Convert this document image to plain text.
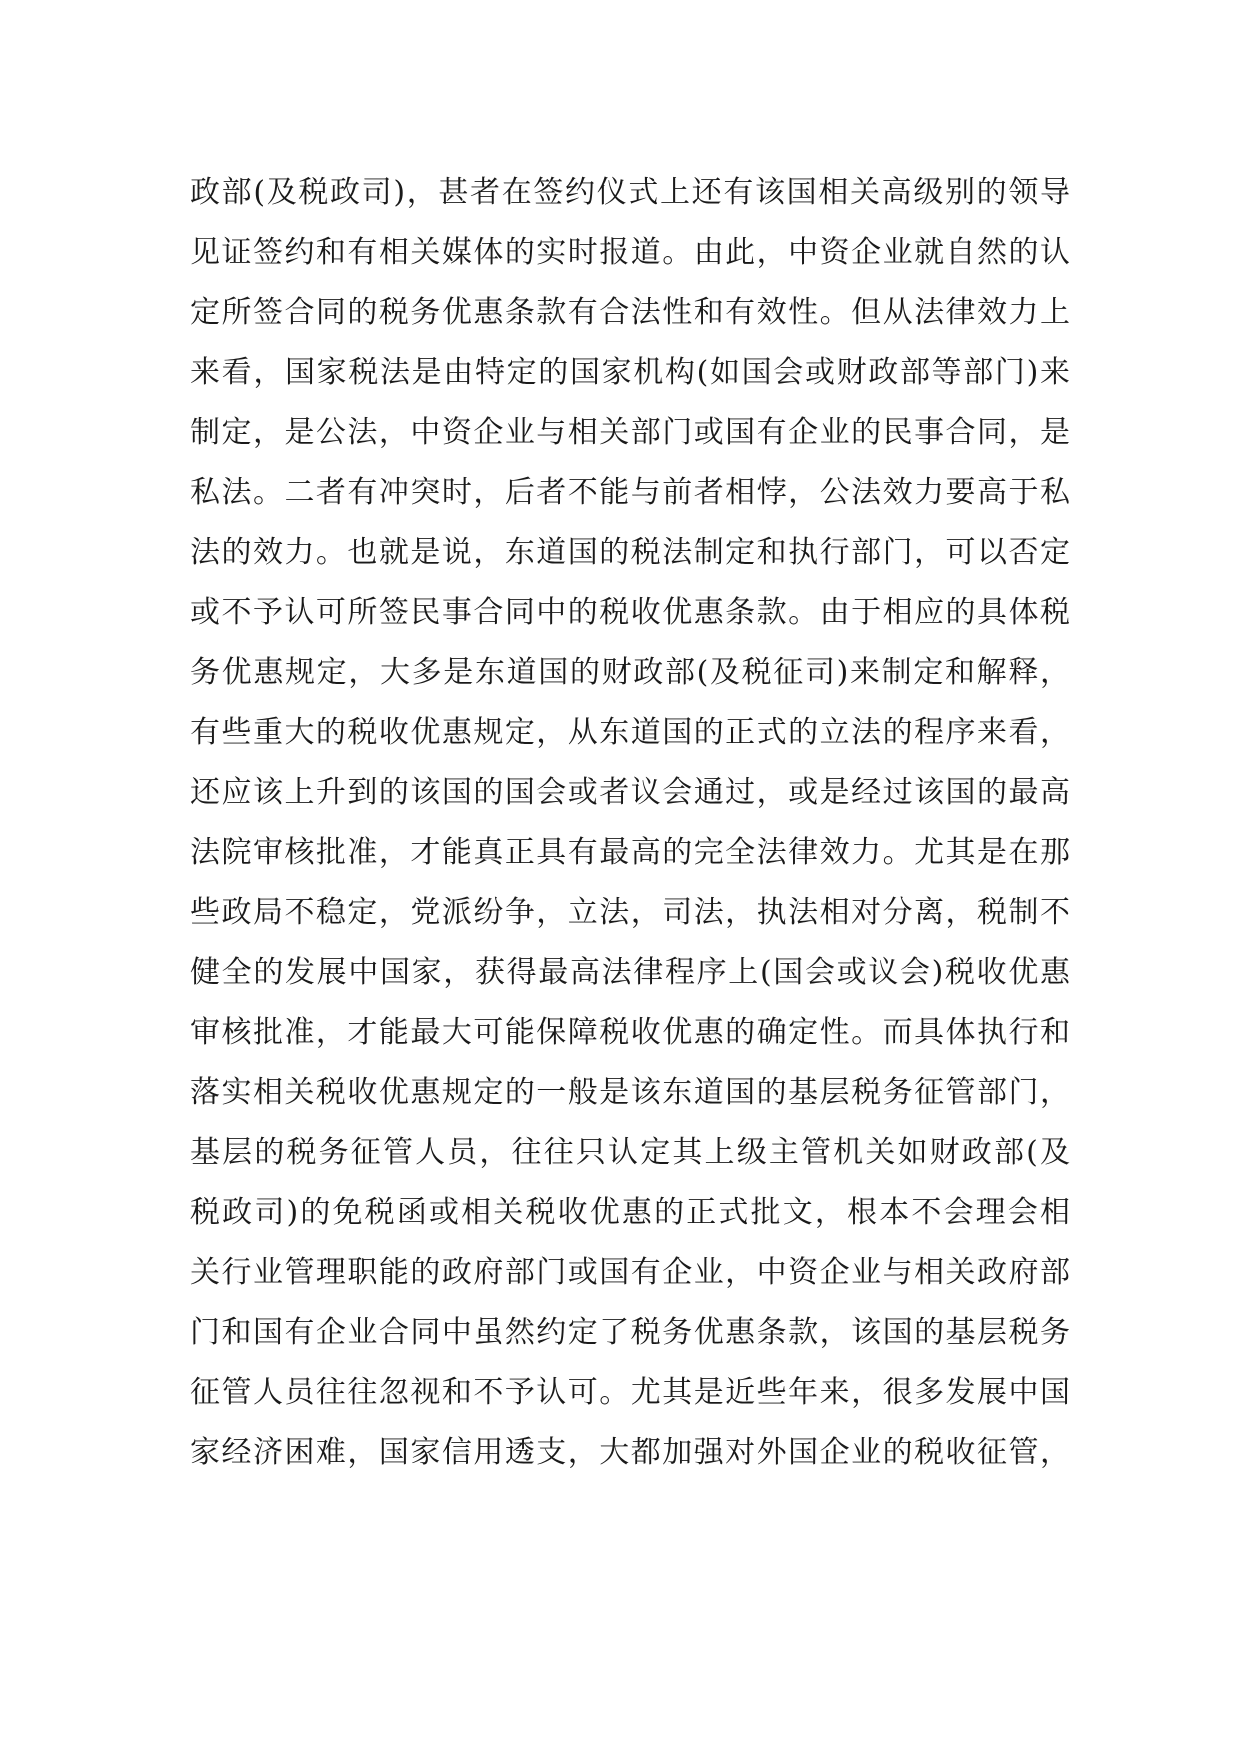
政部(及税政司)，甚者在签约仪式上还有该国相关高级别的领导
见证签约和有相关媒体的实时报道。由此，中资企业就自然的认
定所签合同的税务优惠条款有合法性和有效性。但从法律效力上
来看，国家税法是由特定的国家机构(如国会或财政部等部门)来
制定，是公法，中资企业与相关部门或国有企业的民事合同，是
私法。二者有冲突时，后者不能与前者相悖，公法效力要高于私
法的效力。也就是说，东道国的税法制定和执行部门，可以否定
或不予认可所签民事合同中的税收优惠条款。由于相应的具体税
务优惠规定，大多是东道国的财政部(及税征司)来制定和解释，
有些重大的税收优惠规定，从东道国的正式的立法的程序来看，
还应该上升到的该国的国会或者议会通过，或是经过该国的最高
法院审核批准，才能真正具有最高的完全法律效力。尤其是在那
些政局不稳定，党派纷争，立法，司法，执法相对分离，税制不
健全的发展中国家，获得最高法律程序上(国会或议会)税收优惠
审核批准，才能最大可能保障税收优惠的确定性。而具体执行和
落实相关税收优惠规定的一般是该东道国的基层税务征管部门，
基层的税务征管人员，往往只认定其上级主管机关如财政部(及
税政司)的免税函或相关税收优惠的正式批文，根本不会理会相
关行业管理职能的政府部门或国有企业，中资企业与相关政府部
门和国有企业合同中虽然约定了税务优惠条款，该国的基层税务
征管人员往往忽视和不予认可。尤其是近些年来，很多发展中国
家经济困难，国家信用透支，大都加强对外国企业的税收征管，
